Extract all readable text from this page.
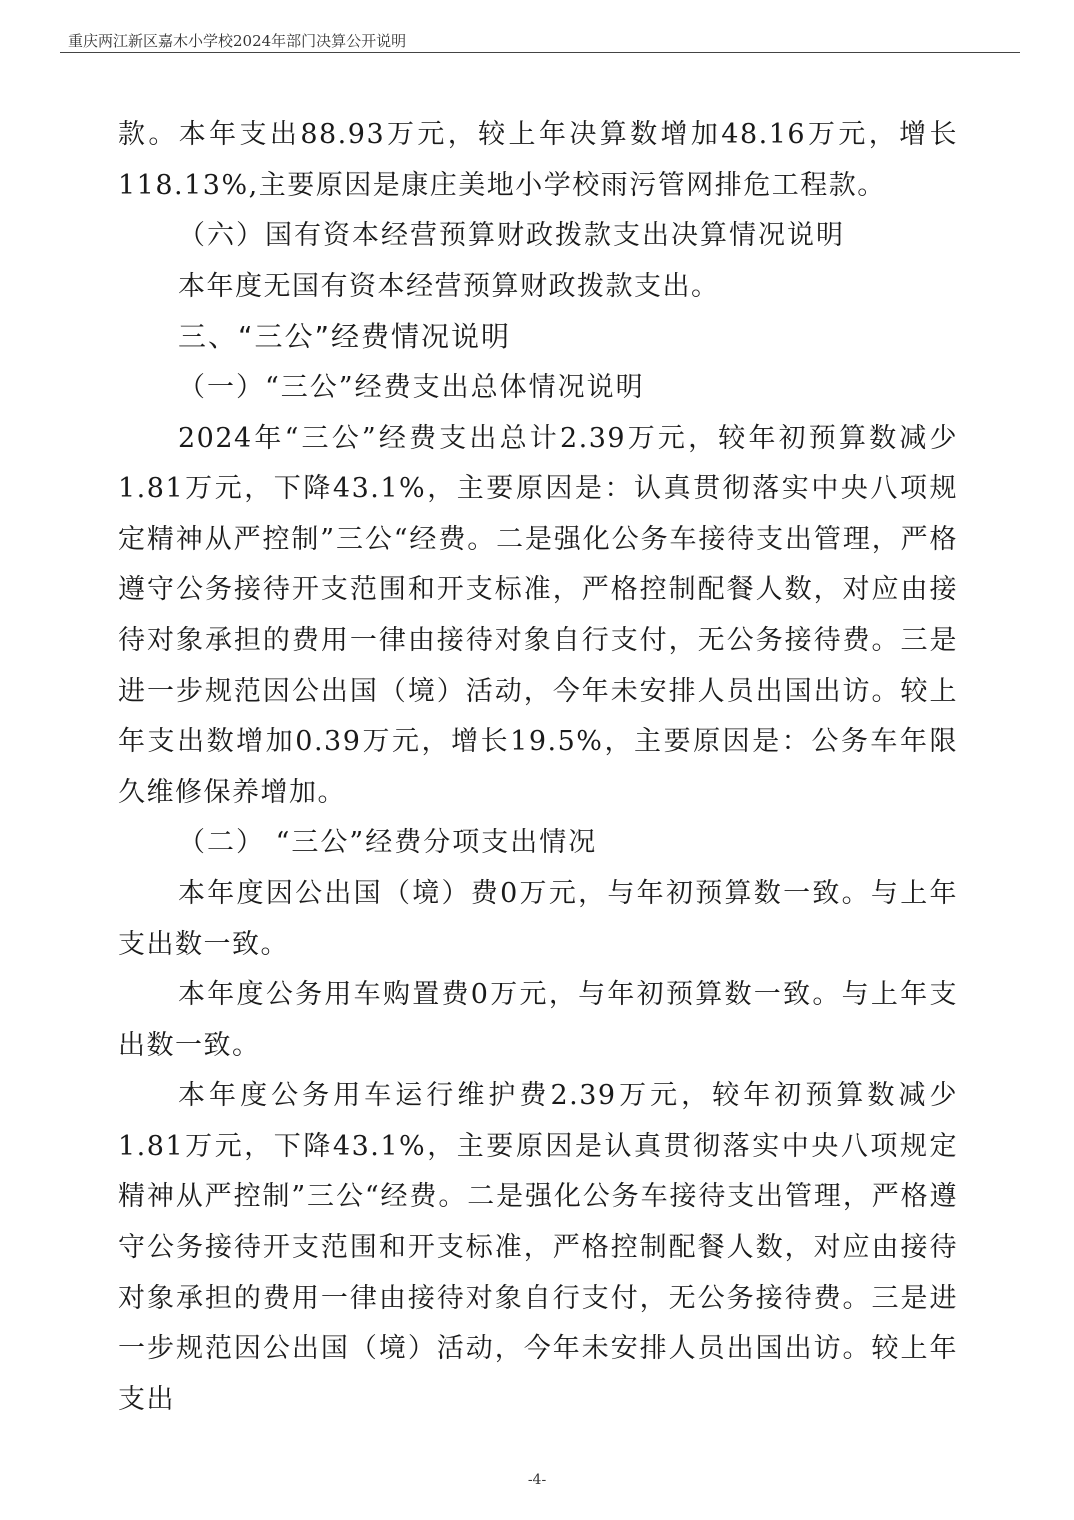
重庆两江新区嘉木小学校2024年部门决算公开说明

款。本年支出88.93万元，较上年决算数增加48.16万元，增长118.13%,主要原因是康庄美地小学校雨污管网排危工程款。

（六）国有资本经营预算财政拨款支出决算情况说明

本年度无国有资本经营预算财政拨款支出。

三、“三公”经费情况说明

（一）“三公”经费支出总体情况说明

2024年“三公”经费支出总计2.39万元，较年初预算数减少1.81万元，下降43.1%，主要原因是：认真贯彻落实中央八项规定精神从严控制”三公“经费。二是强化公务车接待支出管理，严格遵守公务接待开支范围和开支标准，严格控制配餐人数，对应由接待对象承担的费用一律由接待对象自行支付，无公务接待费。三是进一步规范因公出国（境）活动，今年未安排人员出国出访。较上年支出数增加0.39万元，增长19.5%，主要原因是：公务车年限久维修保养增加。

（二） “三公”经费分项支出情况

本年度因公出国（境）费0万元，与年初预算数一致。与上年支出数一致。

本年度公务用车购置费0万元，与年初预算数一致。与上年支出数一致。

本年度公务用车运行维护费2.39万元，较年初预算数减少1.81万元，下降43.1%，主要原因是认真贯彻落实中央八项规定精神从严控制”三公“经费。二是强化公务车接待支出管理，严格遵守公务接待开支范围和开支标准，严格控制配餐人数，对应由接待对象承担的费用一律由接待对象自行支付，无公务接待费。三是进一步规范因公出国（境）活动，今年未安排人员出国出访。较上年支出

-4-
